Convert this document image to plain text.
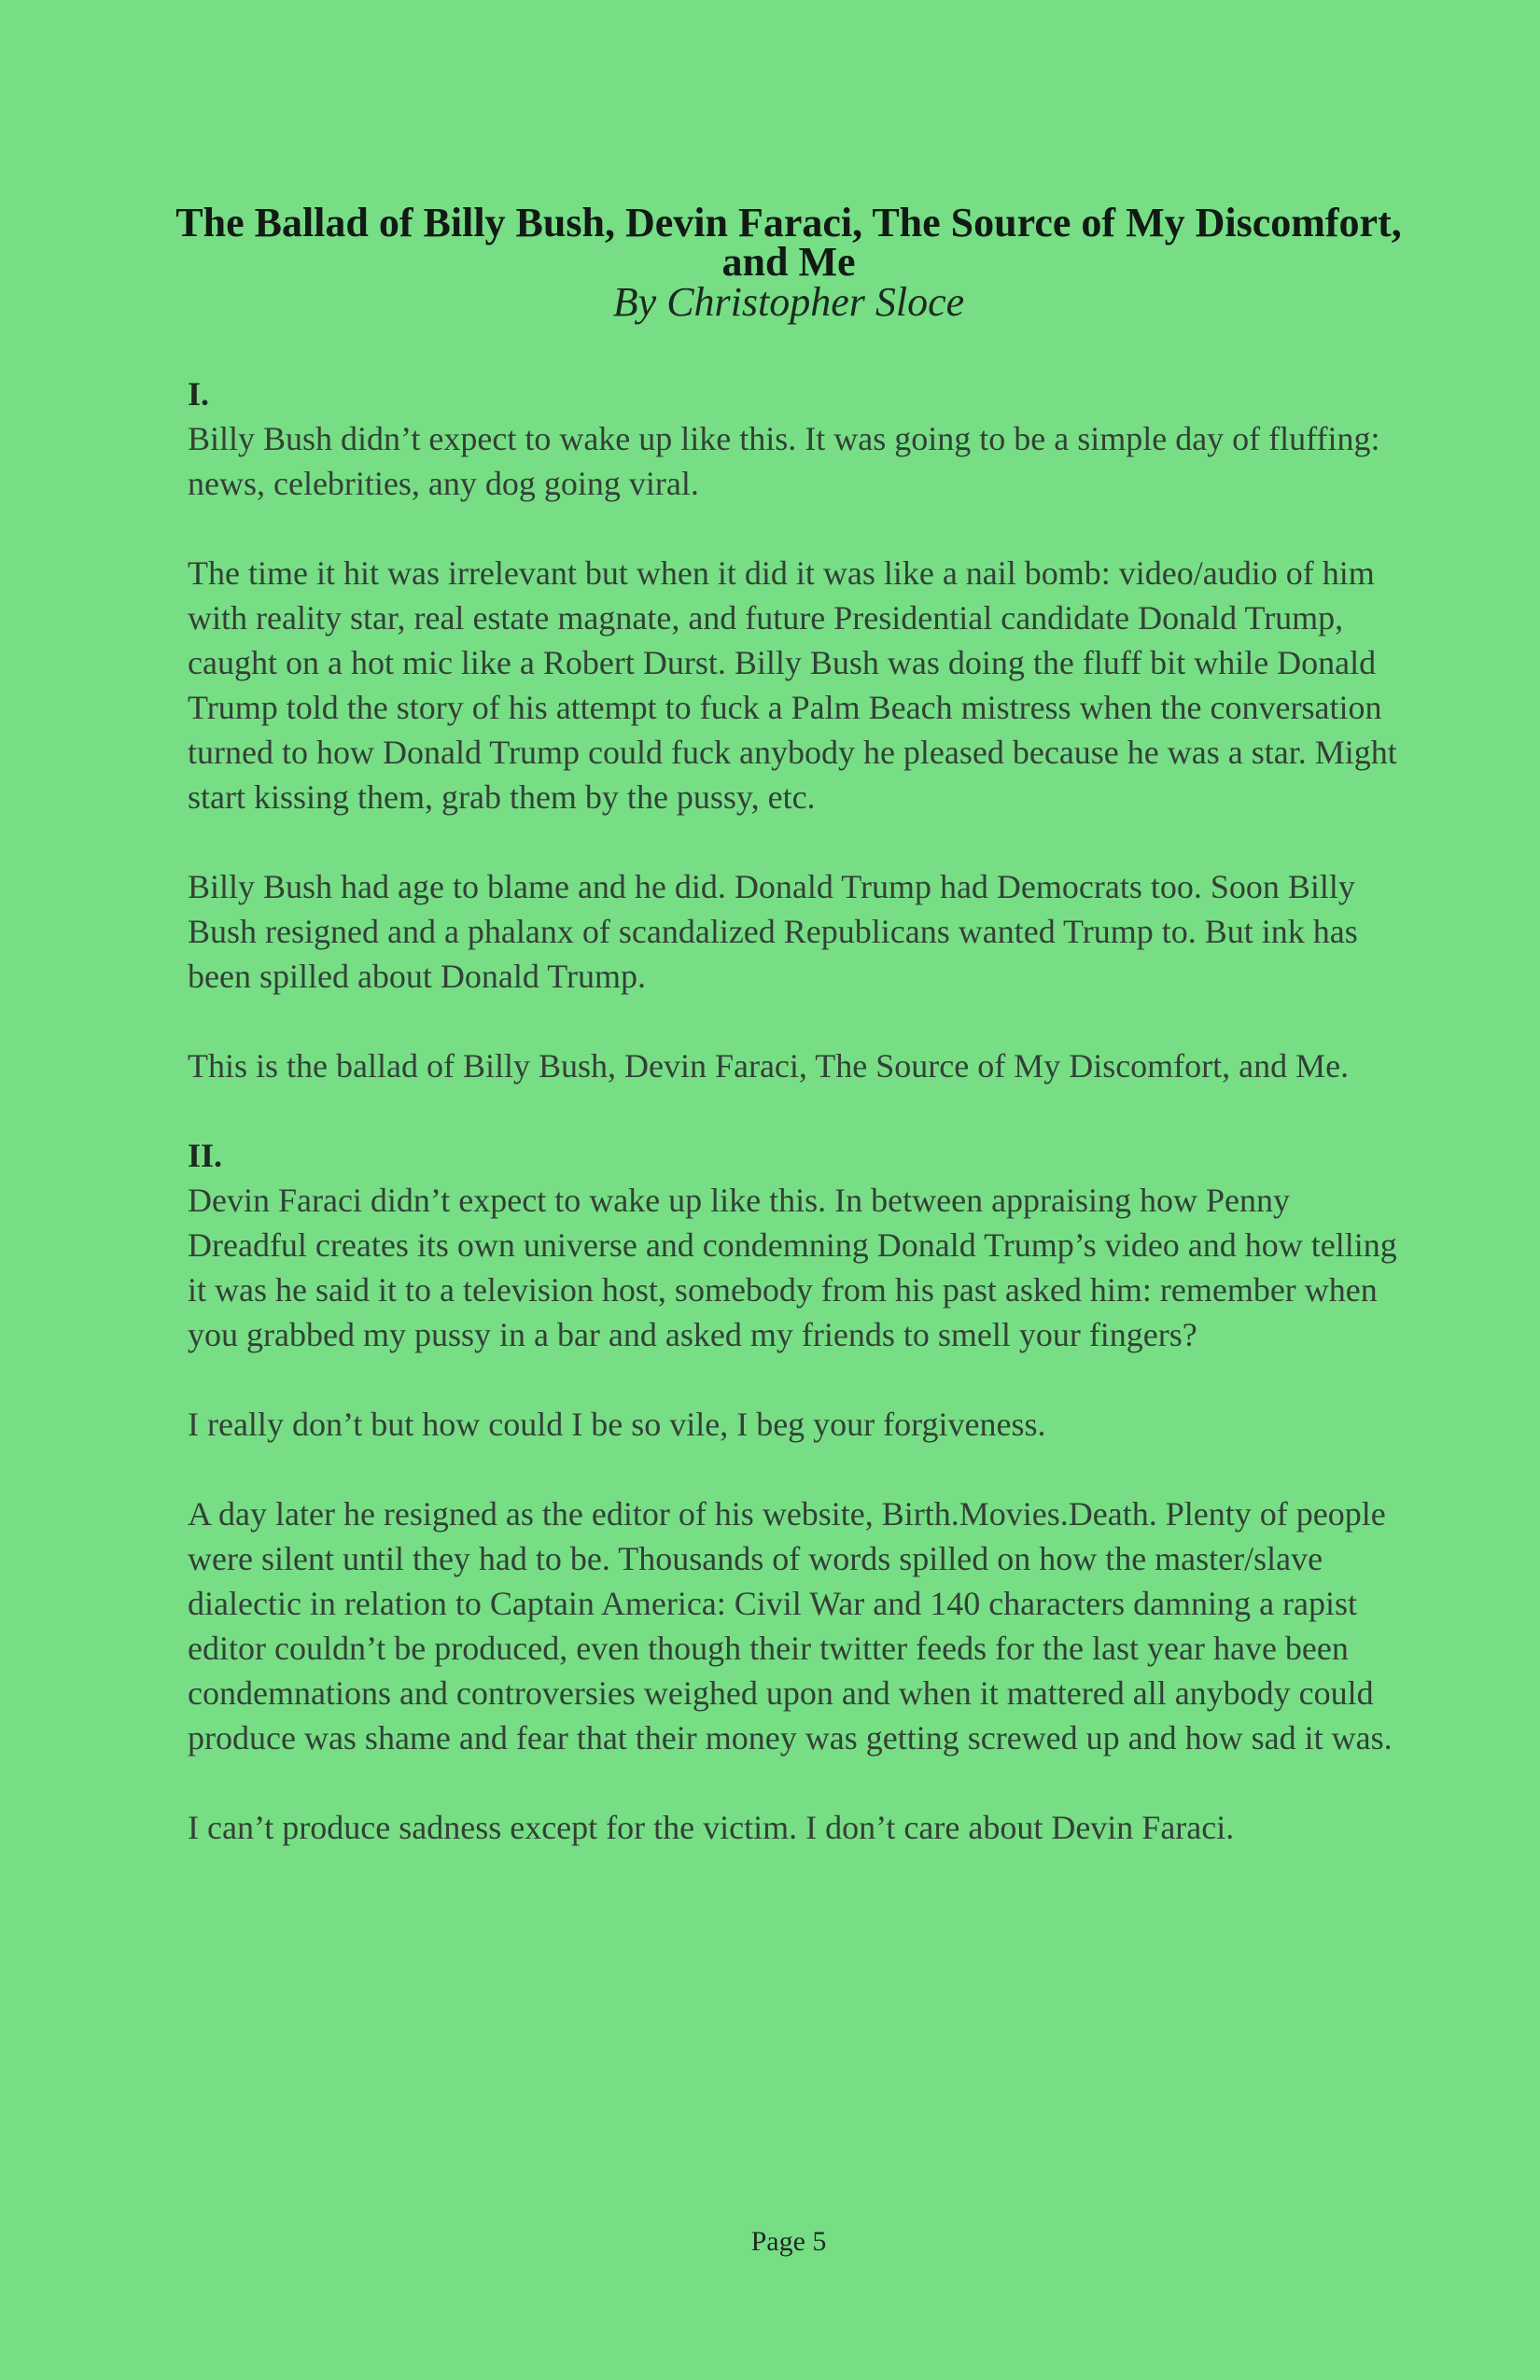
The Ballad of Billy Bush, Devin Faraci, The Source of My Discomfort, and Me

By Christopher Sloce

I.

Billy Bush didn’t expect to wake up like this. It was going to be a simple day of fluffing: news, celebrities, any dog going viral.

The time it hit was irrelevant but when it did it was like a nail bomb: video/audio of him with reality star, real estate magnate, and future Presidential candidate Donald Trump, caught on a hot mic like a Robert Durst. Billy Bush was doing the fluff bit while Donald Trump told the story of his attempt to fuck a Palm Beach mistress when the conversation turned to how Donald Trump could fuck anybody he pleased because he was a star. Might start kissing them, grab them by the pussy, etc.

Billy Bush had age to blame and he did. Donald Trump had Democrats too. Soon Billy Bush resigned and a phalanx of scandalized Republicans wanted Trump to. But ink has been spilled about Donald Trump.

This is the ballad of Billy Bush, Devin Faraci, The Source of My Discomfort, and Me.

II.

Devin Faraci didn’t expect to wake up like this. In between appraising how Penny Dreadful creates its own universe and condemning Donald Trump’s video and how telling it was he said it to a television host, somebody from his past asked him: remember when you grabbed my pussy in a bar and asked my friends to smell your fingers?

I really don’t but how could I be so vile, I beg your forgiveness.

A day later he resigned as the editor of his website, Birth.Movies.Death. Plenty of people were silent until they had to be. Thousands of words spilled on how the master/slave dialectic in relation to Captain America: Civil War and 140 characters damning a rapist editor couldn’t be produced, even though their twitter feeds for the last year have been condemnations and controversies weighed upon and when it mattered all anybody could produce was shame and fear that their money was getting screwed up and how sad it was.

I can’t produce sadness except for the victim. I don’t care about Devin Faraci.

Page 5
